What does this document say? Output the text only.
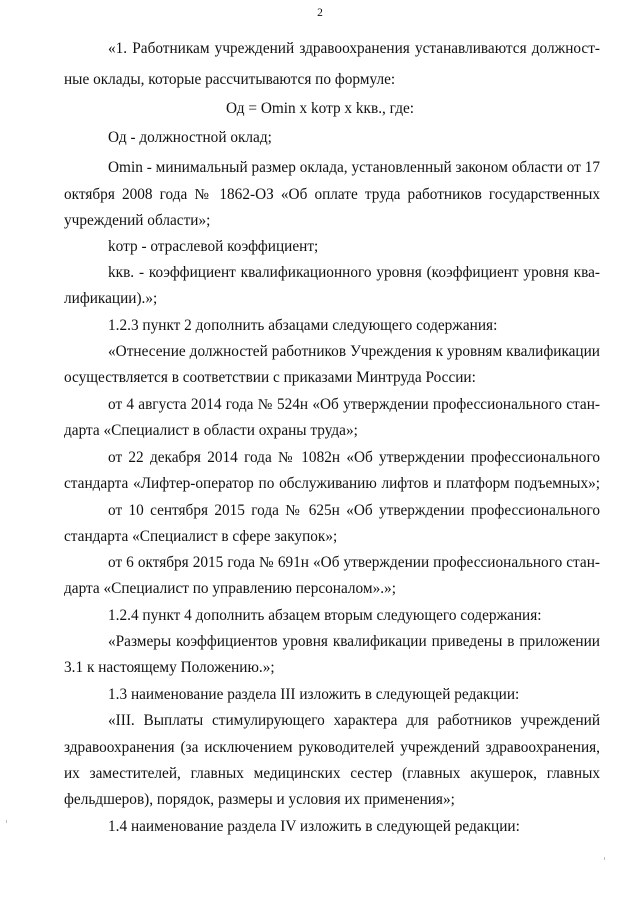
2
«1. Работникам учреждений здравоохранения устанавливаются должност-
ные оклады, которые рассчитываются по формуле:
Од = Omin х kотр х kкв., где:
Од - должностной оклад;
Omin - минимальный размер оклада, установленный законом области от 17
октября 2008 года № 1862-ОЗ «Об оплате труда работников государственных
учреждений области»;
kотр - отраслевой коэффициент;
kкв. - коэффициент квалификационного уровня (коэффициент уровня ква-
лификации).»;
1.2.3 пункт 2 дополнить абзацами следующего содержания:
«Отнесение должностей работников Учреждения к уровням квалификации
осуществляется в соответствии с приказами Минтруда России:
от 4 августа 2014 года № 524н «Об утверждении профессионального стан-
дарта «Специалист в области охраны труда»;
от 22 декабря 2014 года № 1082н «Об утверждении профессионального
стандарта «Лифтер-оператор по обслуживанию лифтов и платформ подъемных»;
от 10 сентября 2015 года № 625н «Об утверждении профессионального
стандарта «Специалист в сфере закупок»;
от 6 октября 2015 года № 691н «Об утверждении профессионального стан-
дарта «Специалист по управлению персоналом».»;
1.2.4 пункт 4 дополнить абзацем вторым следующего содержания:
«Размеры коэффициентов уровня квалификации приведены в приложении
3.1 к настоящему Положению.»;
1.3 наименование раздела III изложить в следующей редакции:
«III. Выплаты стимулирующего характера для работников учреждений
здравоохранения (за исключением руководителей учреждений здравоохранения,
их заместителей, главных медицинских сестер (главных акушерок, главных
фельдшеров), порядок, размеры и условия их применения»;
1.4 наименование раздела IV изложить в следующей редакции:
